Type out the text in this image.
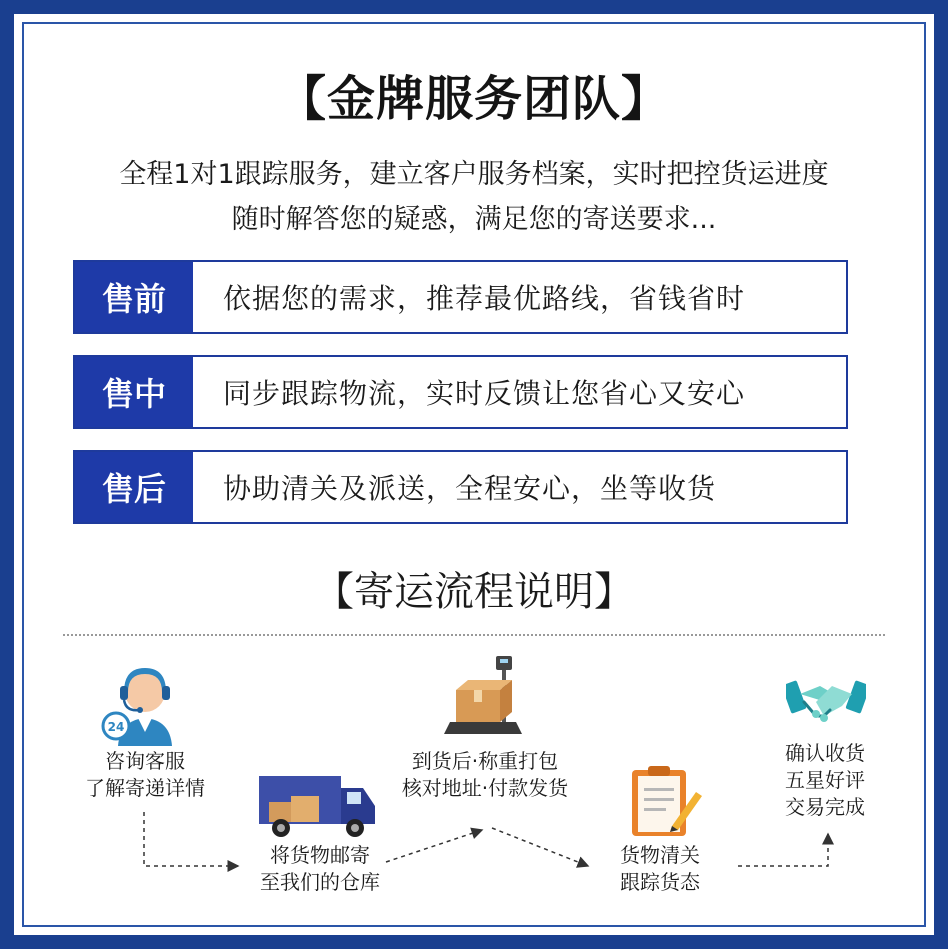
【金牌服务团队】
全程1对1跟踪服务，建立客户服务档案，实时把控货运进度
随时解答您的疑惑，满足您的寄送要求...
售前	依据您的需求，推荐最优路线，省钱省时
售中	同步跟踪物流，实时反馈让您省心又安心
售后	协助清关及派送，全程安心，坐等收货
【寄运流程说明】
24
咨询客服
了解寄递详情
将货物邮寄
至我们的仓库
到货后·称重打包
核对地址·付款发货
货物清关
跟踪货态
确认收货
五星好评
交易完成
